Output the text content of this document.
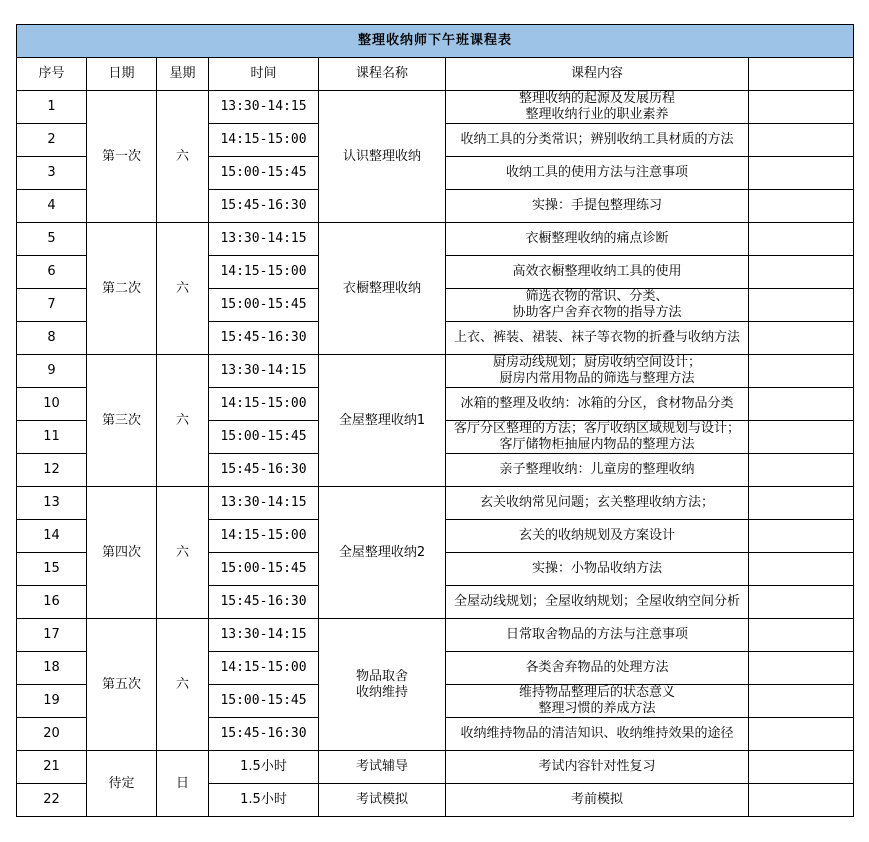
整理收纳师下午班课程表						
序号	日期	星期	时间	课程名称	课程内容	
1	第一次	六	13:30-14:15	认识整理收纳	整理收纳的起源及发展历程
整理收纳行业的职业素养	

2			14:15-15:00		收纳工具的分类常识；辨别收纳工具材质的方法	

3			15:00-15:45		收纳工具的使用方法与注意事项	

4			15:45-16:30		实操：手提包整理练习	

5	第二次	六	13:30-14:15	衣橱整理收纳	衣橱整理收纳的痛点诊断	

6			14:15-15:00		高效衣橱整理收纳工具的使用	

7			15:00-15:45		筛选衣物的常识、分类、
协助客户舍弃衣物的指导方法	

8			15:45-16:30		上衣、裤装、裙装、袜子等衣物的折叠与收纳方法	

9	第三次	六	13:30-14:15	全屋整理收纳1	厨房动线规划；厨房收纳空间设计；
厨房内常用物品的筛选与整理方法	

10			14:15-15:00		冰箱的整理及收纳：冰箱的分区，食材物品分类	

11			15:00-15:45		客厅分区整理的方法；客厅收纳区域规划与设计；
客厅储物柜抽屉内物品的整理方法	

12			15:45-16:30		亲子整理收纳：儿童房的整理收纳	

13	第四次	六	13:30-14:15	全屋整理收纳2	玄关收纳常见问题；玄关整理收纳方法；	

14			14:15-15:00		玄关的收纳规划及方案设计	

15			15:00-15:45		实操：小物品收纳方法	

16			15:45-16:30		全屋动线规划；全屋收纳规划；全屋收纳空间分析	

17	第五次	六	13:30-14:15	物品取舍
收纳维持	日常取舍物品的方法与注意事项	

18			14:15-15:00		各类舍弃物品的处理方法	

19			15:00-15:45		维持物品整理后的状态意义
整理习惯的养成方法	

20			15:45-16:30		收纳维持物品的清洁知识、收纳维持效果的途径	

21	待定	日	1.5小时	考试辅导	考试内容针对性复习	

22			1.5小时	考试模拟	考前模拟	
